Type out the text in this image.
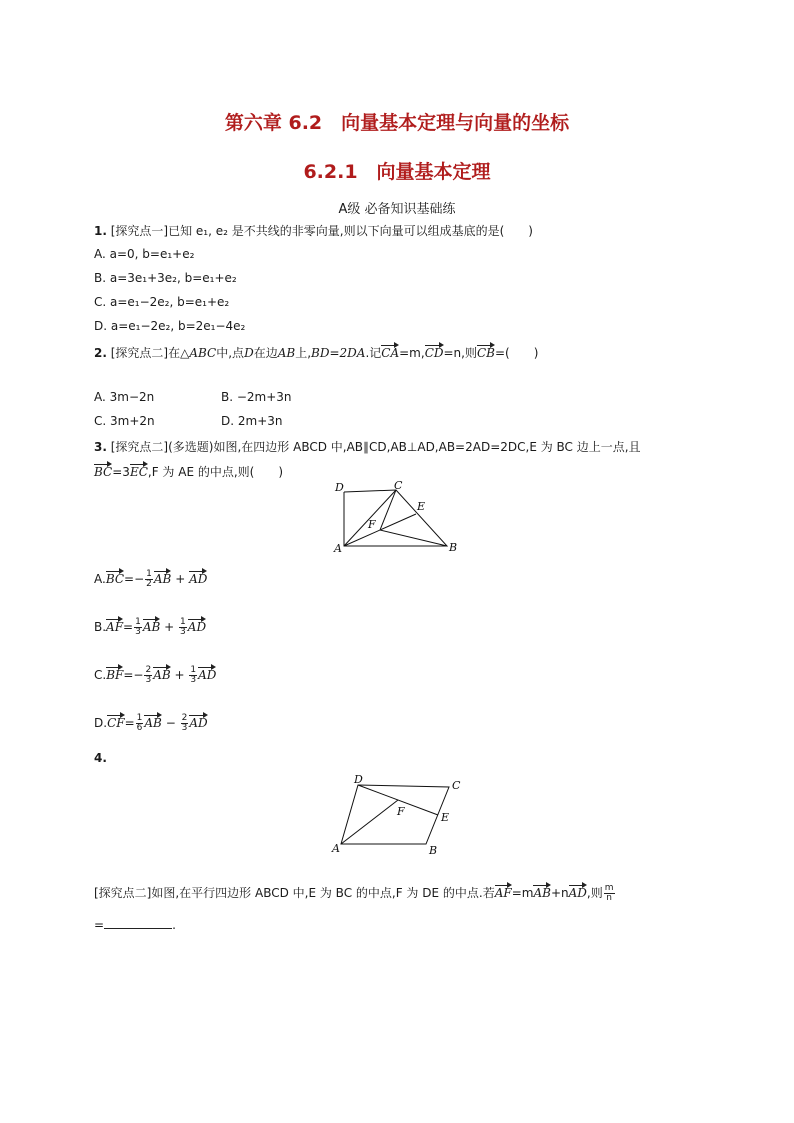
第六章 6.2　向量基本定理与向量的坐标
6.2.1　向量基本定理
A级 必备知识基础练
1. [探究点一]已知 e₁, e₂ 是不共线的非零向量,则以下向量可以组成基底的是(　　)
A. a=0, b=e₁+e₂
B. a=3e₁+3e₂, b=e₁+e₂
C. a=e₁−2e₂, b=e₁+e₂
D. a=e₁−2e₂, b=2e₁−4e₂
2. [探究点二]在△ABC中,点D在边AB上,BD=2DA.记CA=m,CD=n,则CB=(　　)
A. 3m−2n	B. −2m+3n
C. 3m+2n	D. 2m+3n
3. [探究点二](多选题)如图,在四边形 ABCD 中,AB∥CD,AB⊥AD,AB=2AD=2DC,E 为 BC 边上一点,且
BC=3EC,F 为 AE 的中点,则(　　)
D	C
E
F
A	B
$A.BC=- \frac{1}{2}$ AB + AD
$B.AF= \frac{1}{3}$ AB + $\frac{1}{3}$ AD
$C.BF=- \frac{2}{3}$ AB + $\frac{1}{3}$ AD
$D.CF= \frac{1}{6}$ AB − $\frac{2}{3}$ AD
4.
D	C
F	E
A	B
[探究点二]如图,在平行四边形 ABCD 中,E 为 BC 的中点,F 为 DE 的中点.若AF=mAB+nAD,则 $\frac{m}{n}$
=	.
